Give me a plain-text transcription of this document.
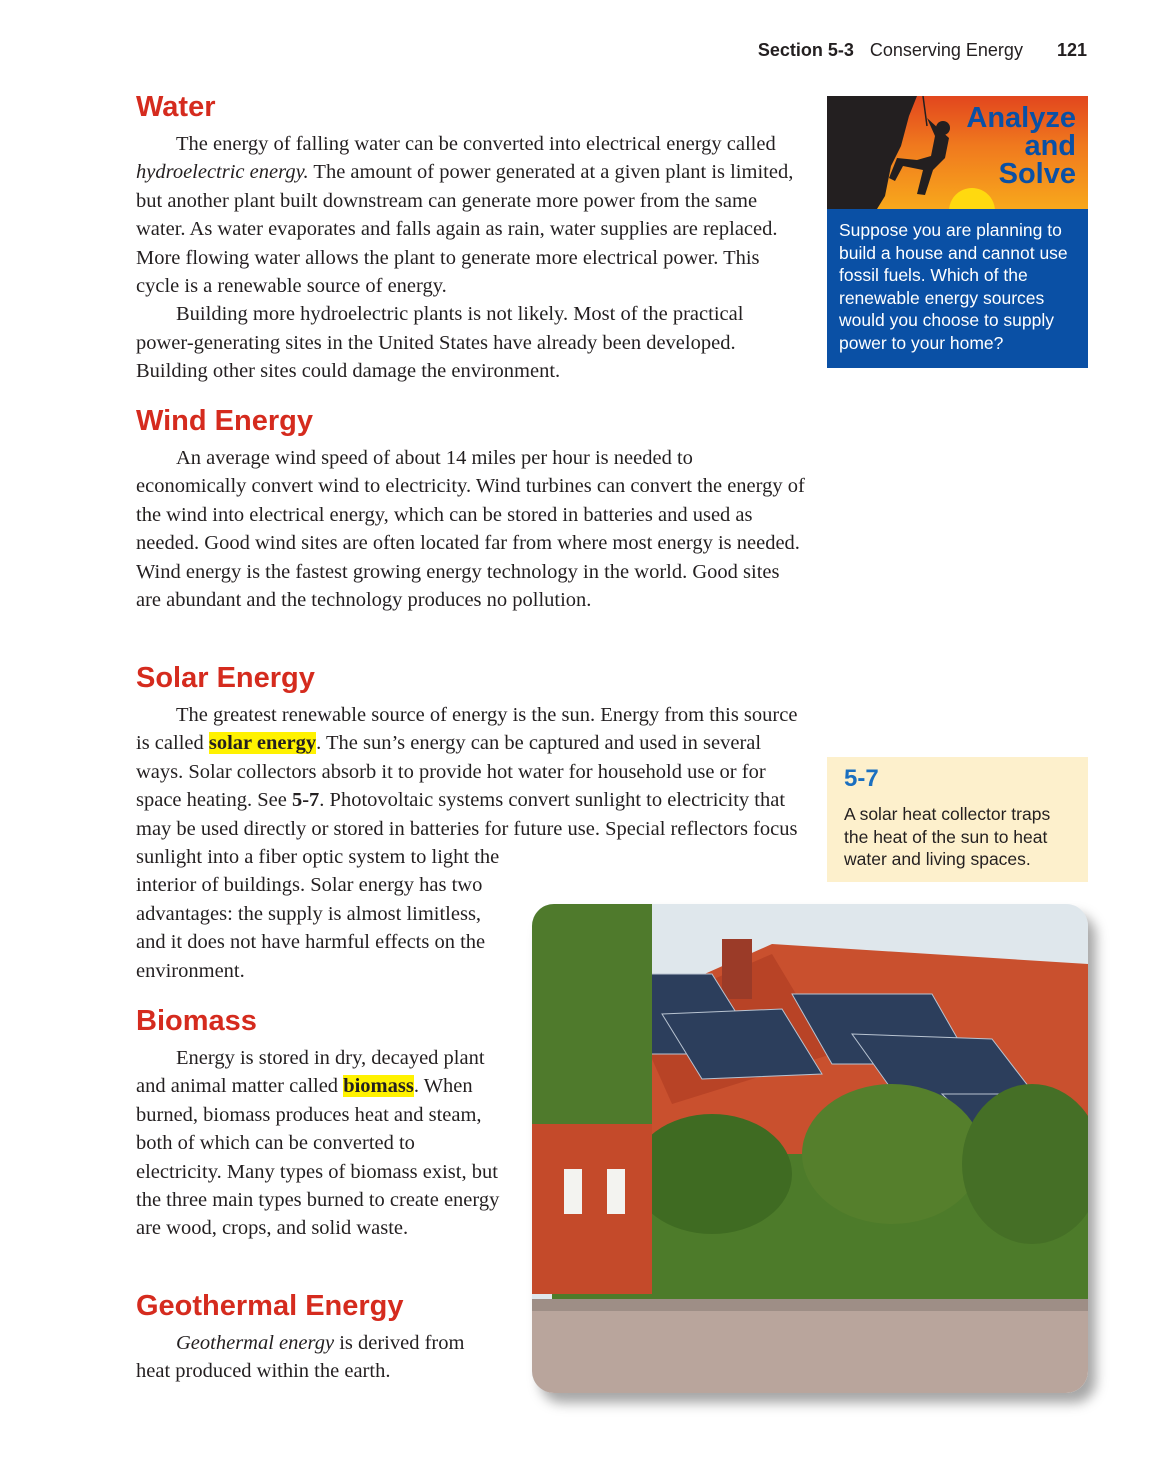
Section 5-3 Conserving Energy 121
Water

The energy of falling water can be converted into electrical energy called hydroelectric energy. The amount of power generated at a given plant is limited, but another plant built downstream can generate more power from the same water. As water evaporates and falls again as rain, water supplies are replaced. More flowing water allows the plant to generate more electrical power. This cycle is a renewable source of energy.

Building more hydroelectric plants is not likely. Most of the practical power-generating sites in the United States have already been developed. Building other sites could damage the environment.

Wind Energy

An average wind speed of about 14 miles per hour is needed to economically convert wind to electricity. Wind turbines can convert the energy of the wind into electrical energy, which can be stored in batteries and used as needed. Good wind sites are often located far from where most energy is needed. Wind energy is the fastest growing energy technology in the world. Good sites are abundant and the technology produces no pollution.

Solar Energy

The greatest renewable source of energy is the sun. Energy from this source is called solar energy. The sun’s energy can be captured and used in several ways. Solar collectors absorb it to provide hot water for household use or for space heating. See 5-7. Photovoltaic systems convert sunlight to electricity that may be used directly or stored in batteries for future use. Special reflectors focus sunlight into a fiber optic system to light the interior of buildings. Solar energy has two advantages: the supply is almost limitless, and it does not have harmful effects on the environment.

Biomass

Energy is stored in dry, decayed plant and animal matter called biomass. When burned, biomass produces heat and steam, both of which can be converted to electricity. Many types of biomass exist, but the three main types burned to create energy are wood, crops, and solid waste.

Geothermal Energy

Geothermal energy is derived from heat produced within the earth.

Analyze
and
Solve
Suppose you are planning to build a house and cannot use fossil fuels. Which of the renewable energy sources would you choose to supply power to your home?
5-7
A solar heat collector traps the heat of the sun to heat water and living spaces.
